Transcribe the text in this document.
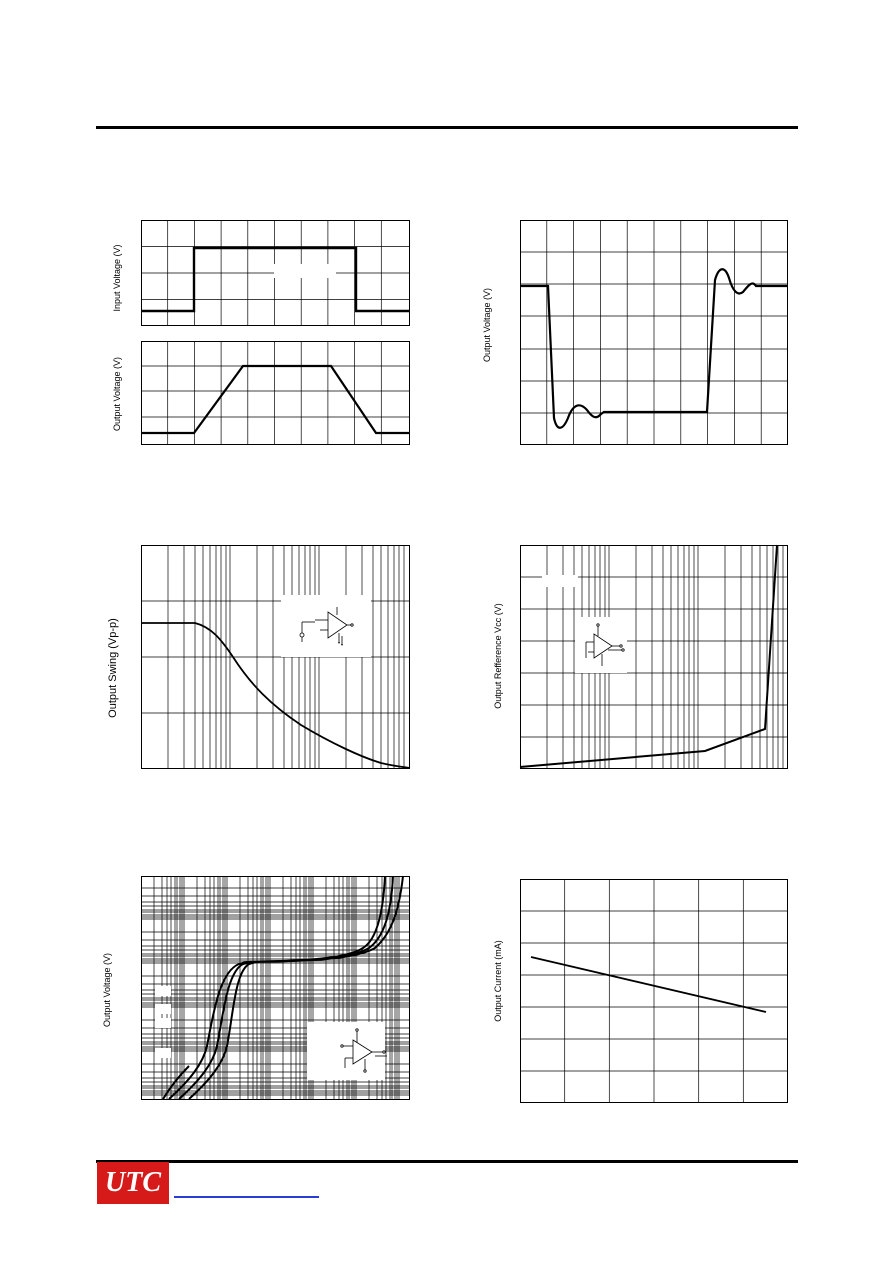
Input Voltage (V)
Output Voltage (V)
Output Voltage (V)
Output Swing (Vp-p)	Output Refference Vcc (V)
Output Voltage (V)	Output Current (mA)
UTC
